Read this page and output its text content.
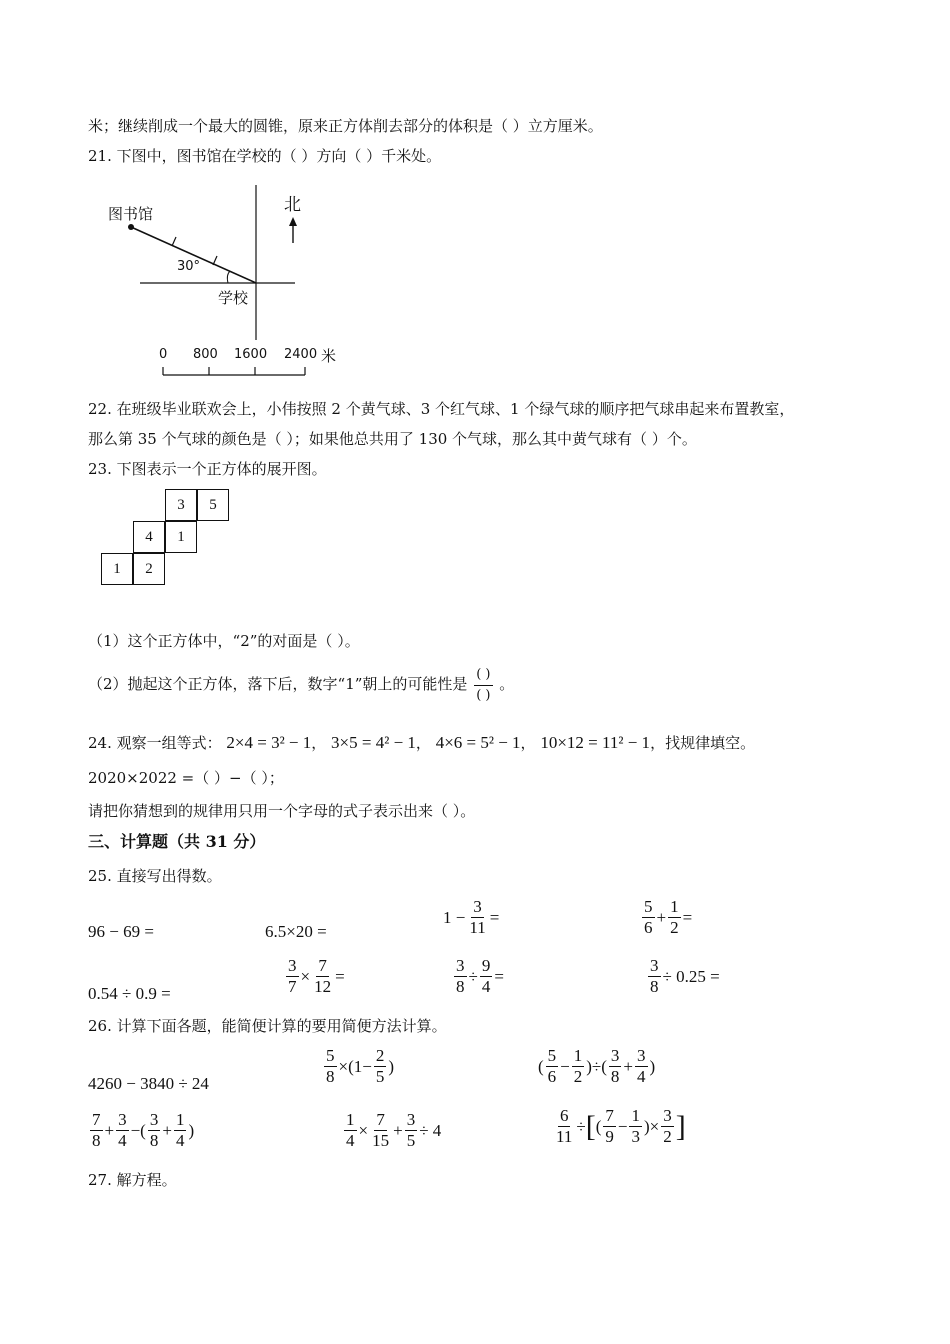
米；继续削成一个最大的圆锥，原来正方体削去部分的体积是（ ）立方厘米。
21. 下图中，图书馆在学校的（ ）方向（ ）千米处。
图书馆	北
30°
学校
0 800 1600 2400 米
22. 在班级毕业联欢会上，小伟按照 2 个黄气球、3 个红气球、1 个绿气球的顺序把气球串起来布置教室，
那么第 35 个气球的颜色是（ ）；如果他总共用了 130 个气球，那么其中黄气球有（ ）个。
23. 下图表示一个正方体的展开图。
3	5
4	1
1	2
（1）这个正方体中，“2”的对面是（ ）。
（2）抛起这个正方体，落下后，数字“1”朝上的可能性是 $\frac{( )}{( )}$ 。
24. 观察一组等式： 2×4 = 3² − 1， 3×5 = 4² − 1， 4×6 = 5² − 1， 10×12 = 11² − 1，找规律填空。
2020×2022 =（ ）−（ ）；
请把你猜想到的规律用只用一个字母的式子表示出来（ ）。
三、计算题（共 31 分）
25. 直接写出得数。
96 − 69 =	6.5×20 =
$1 - \frac{3}{11}$ =	$\frac{5}{6} + \frac{1}{2}$ =
0.54 ÷ 0.9 =	$\frac{3}{7} \times \frac{7}{12}$ =	$\frac{3}{8} \div \frac{9}{4}$ =	$\frac{3}{8} \div 0.25$ =
26. 计算下面各题，能简便计算的要用简便方法计算。
4260 − 3840 ÷ 24	$\frac{5}{8} \times(1- \frac{2}{5}$ )	( $\frac{5}{6} - \frac{1}{2}$ )÷( $\frac{3}{8} + \frac{3}{4}$ )
$\frac{7}{8} + \frac{3}{4}$ −( $\frac{3}{8} + \frac{1}{4}$ )	$\frac{1}{4} \times \frac{7}{15} + \frac{3}{5} \div 4$	$\frac{6}{11}$ ÷ [ ( $\frac{7}{9} - \frac{1}{3}$ )× $\frac{3}{2}$ ]
27. 解方程。
